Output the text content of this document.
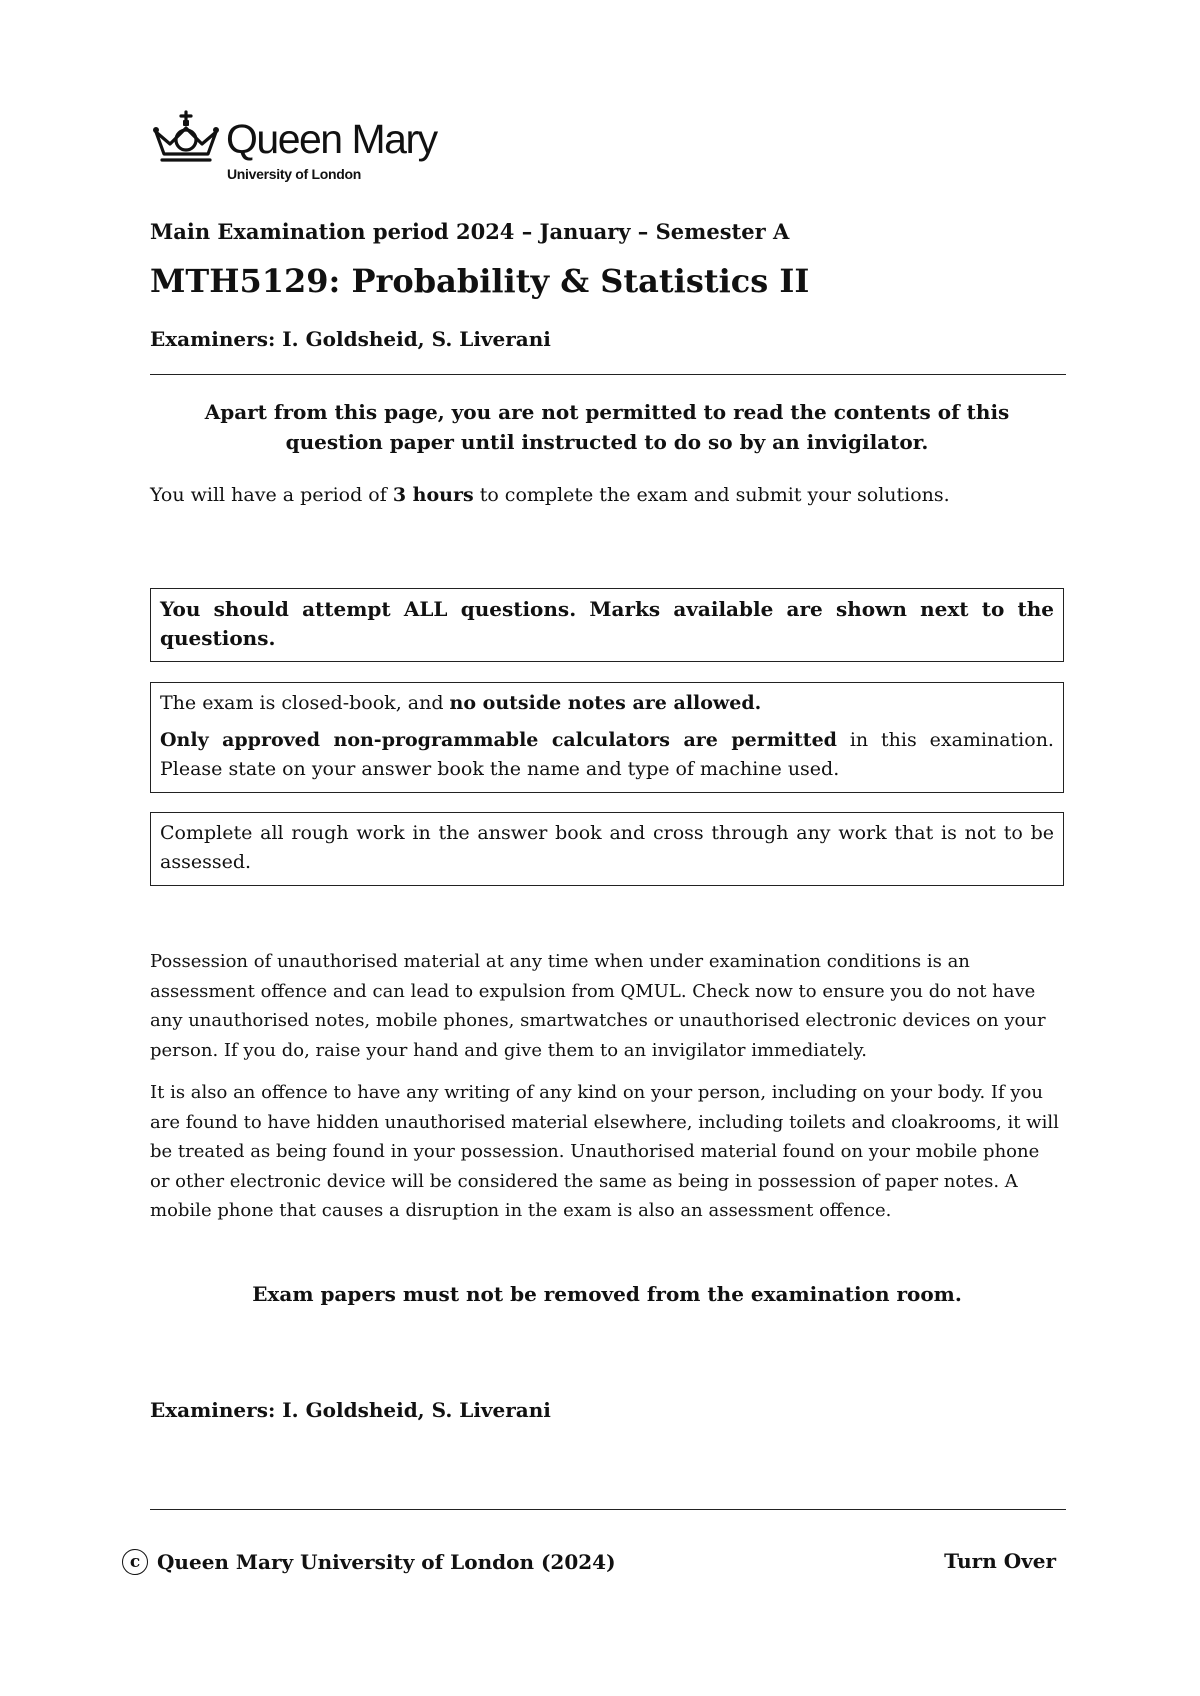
Queen Mary
University of London
Main Examination period 2024 – January – Semester A
MTH5129: Probability & Statistics II
Examiners: I. Goldsheid, S. Liverani
Apart from this page, you are not permitted to read the contents of this
question paper until instructed to do so by an invigilator.
You will have a period of 3 hours to complete the exam and submit your solutions.

You should attempt ALL questions. Marks available are shown next to the questions.

The exam is closed-book, and no outside notes are allowed.

Only approved non-programmable calculators are permitted in this examination. Please state on your answer book the name and type of machine used.

Complete all rough work in the answer book and cross through any work that is not to be assessed.

Possession of unauthorised material at any time when under examination conditions is an assessment offence and can lead to expulsion from QMUL. Check now to ensure you do not have any unauthorised notes, mobile phones, smartwatches or unauthorised electronic devices on your person. If you do, raise your hand and give them to an invigilator immediately.
It is also an offence to have any writing of any kind on your person, including on your body. If you are found to have hidden unauthorised material elsewhere, including toilets and cloakrooms, it will be treated as being found in your possession. Unauthorised material found on your mobile phone or other electronic device will be considered the same as being in possession of paper notes. A mobile phone that causes a disruption in the exam is also an assessment offence.
Exam papers must not be removed from the examination room.
Examiners: I. Goldsheid, S. Liverani
c Queen Mary University of London (2024)	Turn Over
